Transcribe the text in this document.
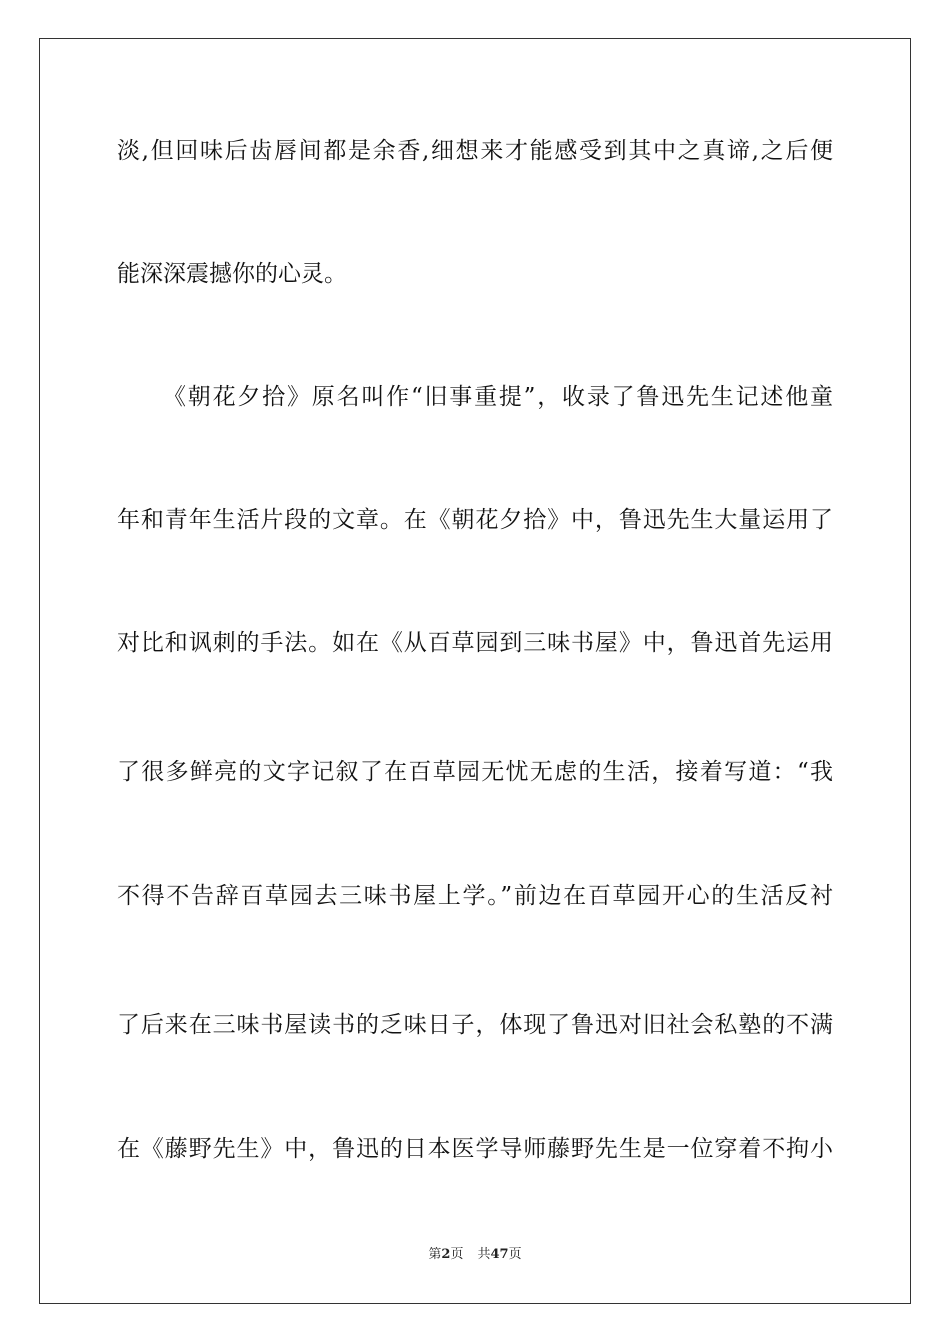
淡,但回味后齿唇间都是余香,细想来才能感受到其中之真谛,之后便
能深深震撼你的心灵。
《朝花夕拾》原名叫作“旧事重提”，收录了鲁迅先生记述他童
年和青年生活片段的文章。在《朝花夕拾》中，鲁迅先生大量运用了
对比和讽刺的手法。如在《从百草园到三味书屋》中，鲁迅首先运用
了很多鲜亮的文字记叙了在百草园无忧无虑的生活，接着写道：“我
不得不告辞百草园去三味书屋上学。”前边在百草园开心的生活反衬
了后来在三味书屋读书的乏味日子，体现了鲁迅对旧社会私塾的不满
在《藤野先生》中，鲁迅的日本医学导师藤野先生是一位穿着不拘小
第2页 共47页
